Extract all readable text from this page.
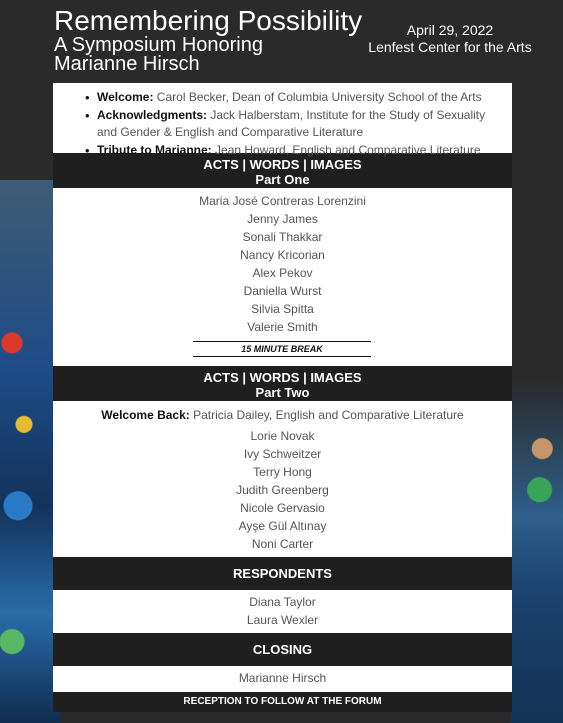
Remembering Possibility
A Symposium Honoring
Marianne Hirsch
April 29, 2022
Lenfest Center for the Arts
• Welcome: Carol Becker, Dean of Columbia University School of the Arts
• Acknowledgments: Jack Halberstam, Institute for the Study of Sexuality and Gender & English and Comparative Literature
• Tribute to Marianne: Jean Howard, English and Comparative Literature
ACTS | WORDS | IMAGES
Part One
Maria José Contreras Lorenzini
Jenny James
Sonali Thakkar
Nancy Kricorian
Alex Pekov
Daniella Wurst
Silvia Spitta
Valerie Smith
15 MINUTE BREAK
ACTS | WORDS | IMAGES
Part Two
Welcome Back: Patricia Dailey, English and Comparative Literature
Lorie Novak
Ivy Schweitzer
Terry Hong
Judith Greenberg
Nicole Gervasio
Ayşe Gül Altınay
Noni Carter
RESPONDENTS
Diana Taylor
Laura Wexler
CLOSING
Marianne Hirsch
RECEPTION TO FOLLOW AT THE FORUM
